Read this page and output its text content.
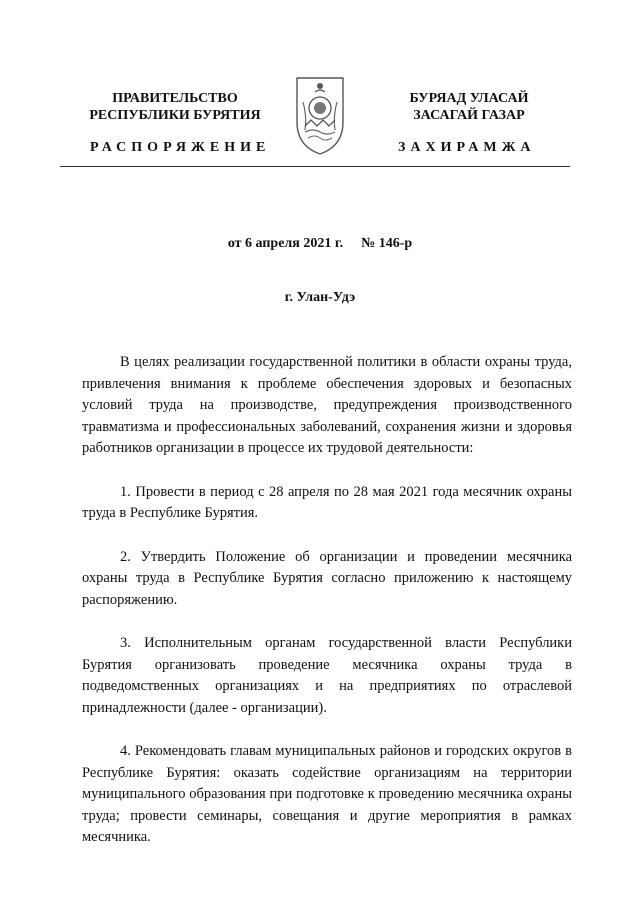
ПРАВИТЕЛЬСТВО
РЕСПУБЛИКИ БУРЯТИЯ
БУРЯАД УЛАСАЙ
ЗАСАГАЙ ГАЗАР
РАСПОРЯЖЕНИЕ	ЗАХИРАМЖА
от 6 апреля 2021 г. № 146-р
г. Улан-Удэ

В целях реализации государственной политики в области охраны труда, привлечения внимания к проблеме обеспечения здоровых и безопасных условий труда на производстве, предупреждения производственного травматизма и профессиональных заболеваний, сохранения жизни и здоровья работников организации в процессе их трудовой деятельности:

1. Провести в период с 28 апреля по 28 мая 2021 года месячник охраны труда в Республике Бурятия.

2. Утвердить Положение об организации и проведении месячника охраны труда в Республике Бурятия согласно приложению к настоящему распоряжению.

3. Исполнительным органам государственной власти Республики Бурятия организовать проведение месячника охраны труда в подведомственных организациях и на предприятиях по отраслевой принадлежности (далее - организации).

4. Рекомендовать главам муниципальных районов и городских округов в Республике Бурятия: оказать содействие организациям на территории муниципального образования при подготовке к проведению месячника охраны труда; провести семинары, совещания и другие мероприятия в рамках месячника.
